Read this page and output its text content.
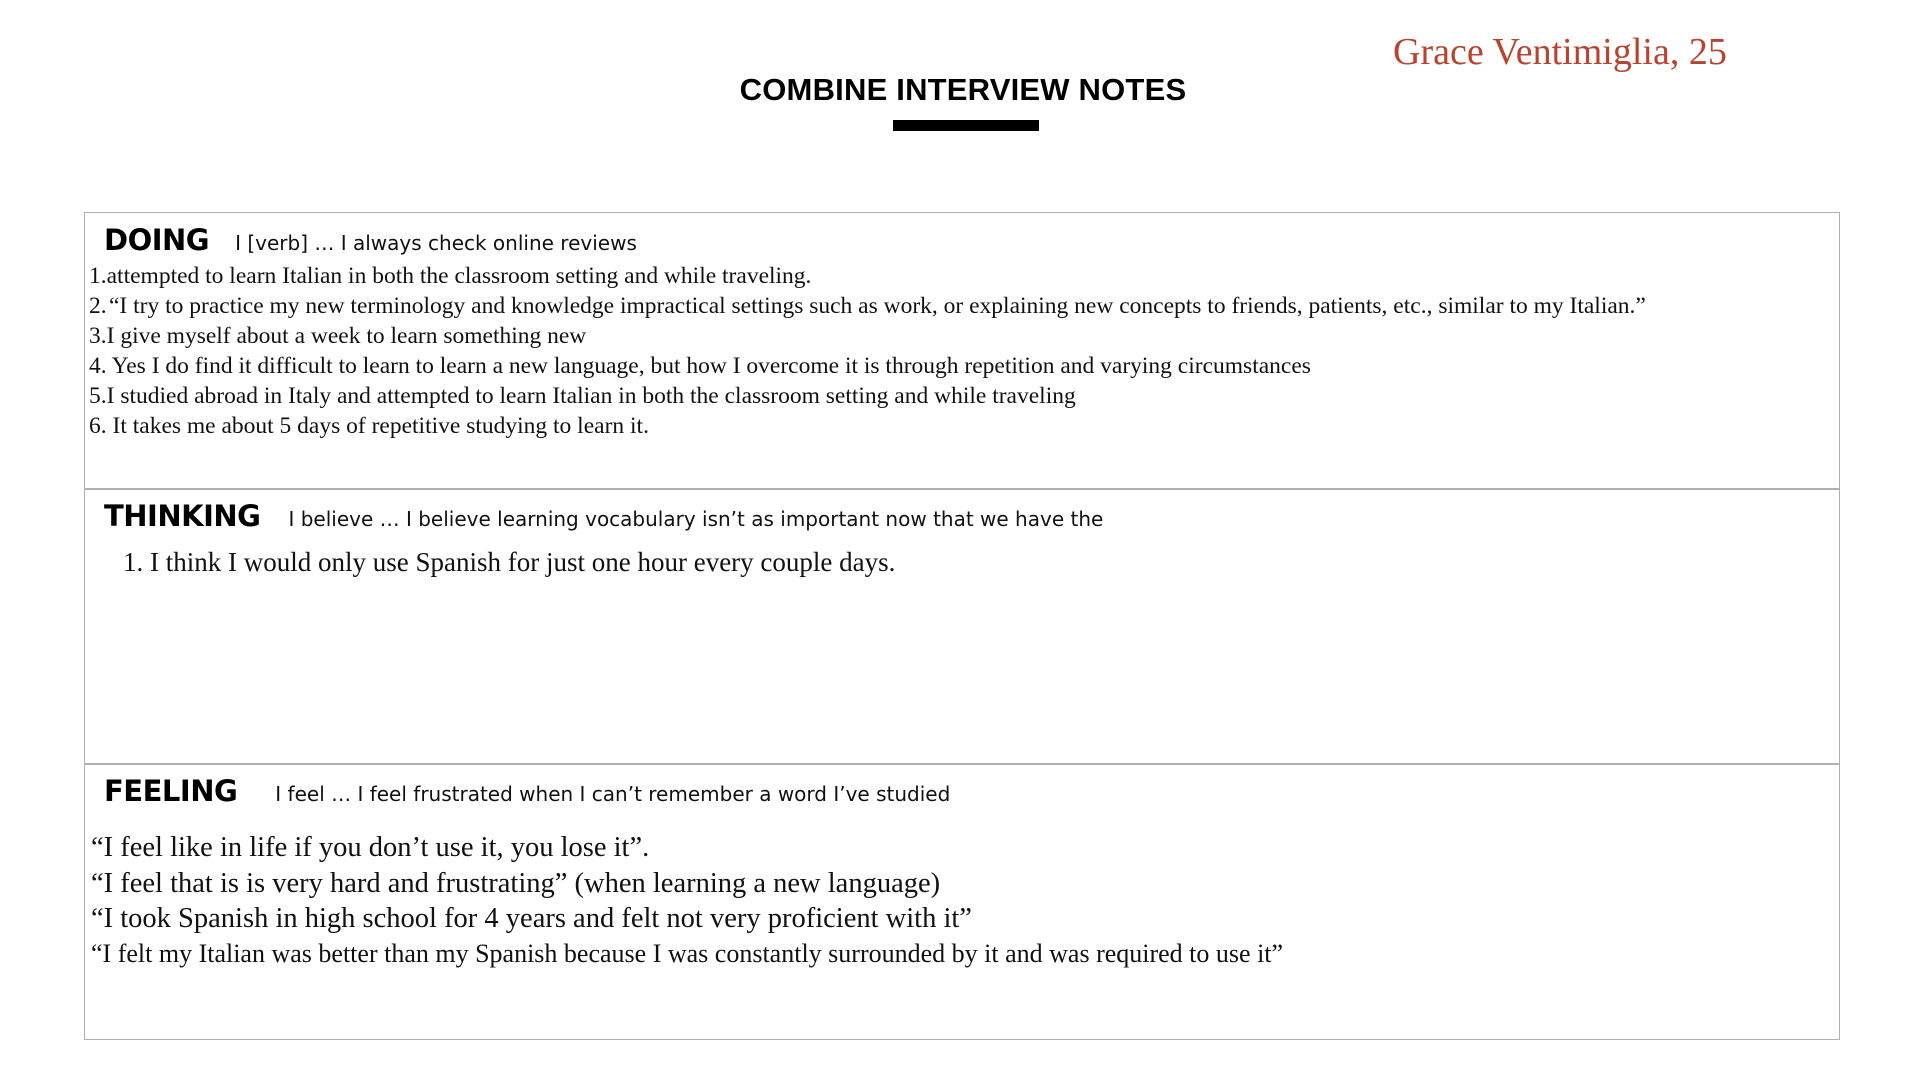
COMBINE INTERVIEW NOTES
Grace Ventimiglia, 25
DOING I [verb] … I always check online reviews
1. attempted to learn Italian in both the classroom setting and while traveling.
2. “I try to practice my new terminology and knowledge impractical settings such as work, or explaining new concepts to friends, patients, etc., similar to my Italian.”
3. I give myself about a week to learn something new
4. Yes I do find it difficult to learn to learn a new language, but how I overcome it is through repetition and varying circumstances
5. I studied abroad in Italy and attempted to learn Italian in both the classroom setting and while traveling
6. It takes me about 5 days of repetitive studying to learn it.
THINKING I believe … I believe learning vocabulary isn’t as important now that we have the
1. I think I would only use Spanish for just one hour every couple days.
FEELING I feel … I feel frustrated when I can’t remember a word I’ve studied
“I feel like in life if you don’t use it, you lose it”.
“I feel that is is very hard and frustrating” (when learning a new language)
“I took Spanish in high school for 4 years and felt not very proficient with it”
“I felt my Italian was better than my Spanish because I was constantly surrounded by it and was required to use it”
